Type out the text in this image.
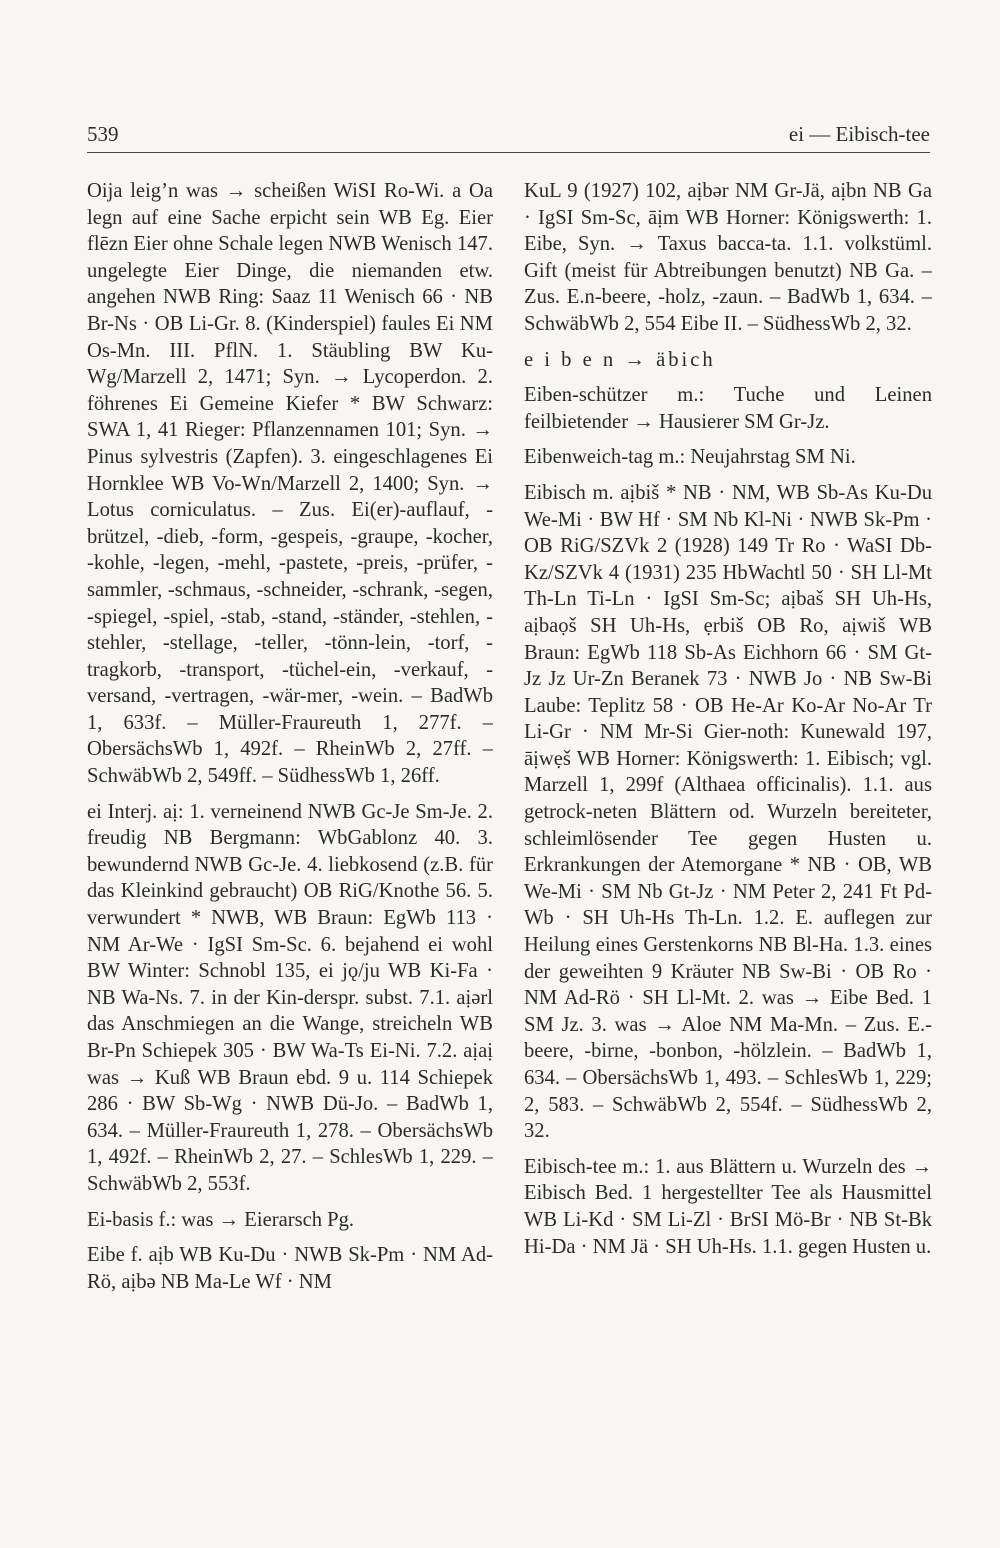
539	ei — Eibisch-tee

Oija leig’n was → scheißen WiSI Ro-Wi. a Oa legn auf eine Sache erpicht sein WB Eg. Eier flēzn Eier ohne Schale legen NWB Wenisch 147. ungelegte Eier Dinge, die niemanden etw. angehen NWB Ring: Saaz 11 Wenisch 66 · NB Br-Ns · OB Li-Gr. 8. (Kinderspiel) faules Ei NM Os-Mn. III. PflN. 1. Stäubling BW Ku-Wg/Marzell 2, 1471; Syn. → Lycoperdon. 2. föhrenes Ei Gemeine Kiefer * BW Schwarz: SWA 1, 41 Rieger: Pflanzennamen 101; Syn. → Pinus sylvestris (Zapfen). 3. eingeschlagenes Ei Hornklee WB Vo-Wn/Marzell 2, 1400; Syn. → Lotus corniculatus. – Zus. Ei(er)-auflauf, -brützel, -dieb, -form, -gespeis, -graupe, -kocher, -kohle, -legen, -mehl, -pastete, -preis, -prüfer, -sammler, -schmaus, -schneider, -schrank, -segen, -spiegel, -spiel, -stab, -stand, -ständer, -stehlen, -stehler, -stellage, -teller, -tönn-lein, -torf, -tragkorb, -transport, -tüchel-ein, -verkauf, -versand, -vertragen, -wär-mer, -wein. – BadWb 1, 633f. – Müller-Fraureuth 1, 277f. – ObersächsWb 1, 492f. – RheinWb 2, 27ff. – SchwäbWb 2, 549ff. – SüdhessWb 1, 26ff.

ei Interj. aị: 1. verneinend NWB Gc-Je Sm-Je. 2. freudig NB Bergmann: WbGablonz 40. 3. bewundernd NWB Gc-Je. 4. liebkosend (z.B. für das Kleinkind gebraucht) OB RiG/Knothe 56. 5. verwundert * NWB, WB Braun: EgWb 113 · NM Ar-We · IgSI Sm-Sc. 6. bejahend ei wohl BW Winter: Schnobl 135, ei jǫ/ju WB Ki-Fa · NB Wa-Ns. 7. in der Kin-derspr. subst. 7.1. aịərl das Anschmiegen an die Wange, streicheln WB Br-Pn Schiepek 305 · BW Wa-Ts Ei-Ni. 7.2. aịaị was → Kuß WB Braun ebd. 9 u. 114 Schiepek 286 · BW Sb-Wg · NWB Dü-Jo. – BadWb 1, 634. – Müller-Fraureuth 1, 278. – ObersächsWb 1, 492f. – RheinWb 2, 27. – SchlesWb 1, 229. – SchwäbWb 2, 553f.

Ei-basis f.: was → Eierarsch Pg.

Eibe f. aịb WB Ku-Du · NWB Sk-Pm · NM Ad-Rö, aịbə NB Ma-Le Wf · NM

KuL 9 (1927) 102, aịbər NM Gr-Jä, aịbn NB Ga · IgSI Sm-Sc, āịm WB Horner: Königswerth: 1. Eibe, Syn. → Taxus bacca-ta. 1.1. volkstüml. Gift (meist für Abtreibungen benutzt) NB Ga. – Zus. E.n-beere, -holz, -zaun. – BadWb 1, 634. – SchwäbWb 2, 554 Eibe II. – SüdhessWb 2, 32.

e i b e n → äbich

Eiben-schützer m.: Tuche und Leinen feilbietender → Hausierer SM Gr-Jz.

Eibenweich-tag m.: Neujahrstag SM Ni.

Eibisch m. aịbiš * NB · NM, WB Sb-As Ku-Du We-Mi · BW Hf · SM Nb Kl-Ni · NWB Sk-Pm · OB RiG/SZVk 2 (1928) 149 Tr Ro · WaSI Db-Kz/SZVk 4 (1931) 235 HbWachtl 50 · SH Ll-Mt Th-Ln Ti-Ln · IgSI Sm-Sc; aịbaš SH Uh-Hs, aịbaọš SH Uh-Hs, ẹrbiš OB Ro, aịwiš WB Braun: EgWb 118 Sb-As Eichhorn 66 · SM Gt-Jz Jz Ur-Zn Beranek 73 · NWB Jo · NB Sw-Bi Laube: Teplitz 58 · OB He-Ar Ko-Ar No-Ar Tr Li-Gr · NM Mr-Si Gier-noth: Kunewald 197, āịwẹš WB Horner: Königswerth: 1. Eibisch; vgl. Marzell 1, 299f (Althaea officinalis). 1.1. aus getrock-neten Blättern od. Wurzeln bereiteter, schleimlösender Tee gegen Husten u. Erkrankungen der Atemorgane * NB · OB, WB We-Mi · SM Nb Gt-Jz · NM Peter 2, 241 Ft Pd-Wb · SH Uh-Hs Th-Ln. 1.2. E. auflegen zur Heilung eines Gerstenkorns NB Bl-Ha. 1.3. eines der geweihten 9 Kräuter NB Sw-Bi · OB Ro · NM Ad-Rö · SH Ll-Mt. 2. was → Eibe Bed. 1 SM Jz. 3. was → Aloe NM Ma-Mn. – Zus. E.-beere, -birne, -bonbon, -hölzlein. – BadWb 1, 634. – ObersächsWb 1, 493. – SchlesWb 1, 229; 2, 583. – SchwäbWb 2, 554f. – SüdhessWb 2, 32.

Eibisch-tee m.: 1. aus Blättern u. Wurzeln des → Eibisch Bed. 1 hergestellter Tee als Hausmittel WB Li-Kd · SM Li-Zl · BrSI Mö-Br · NB St-Bk Hi-Da · NM Jä · SH Uh-Hs. 1.1. gegen Husten u.
